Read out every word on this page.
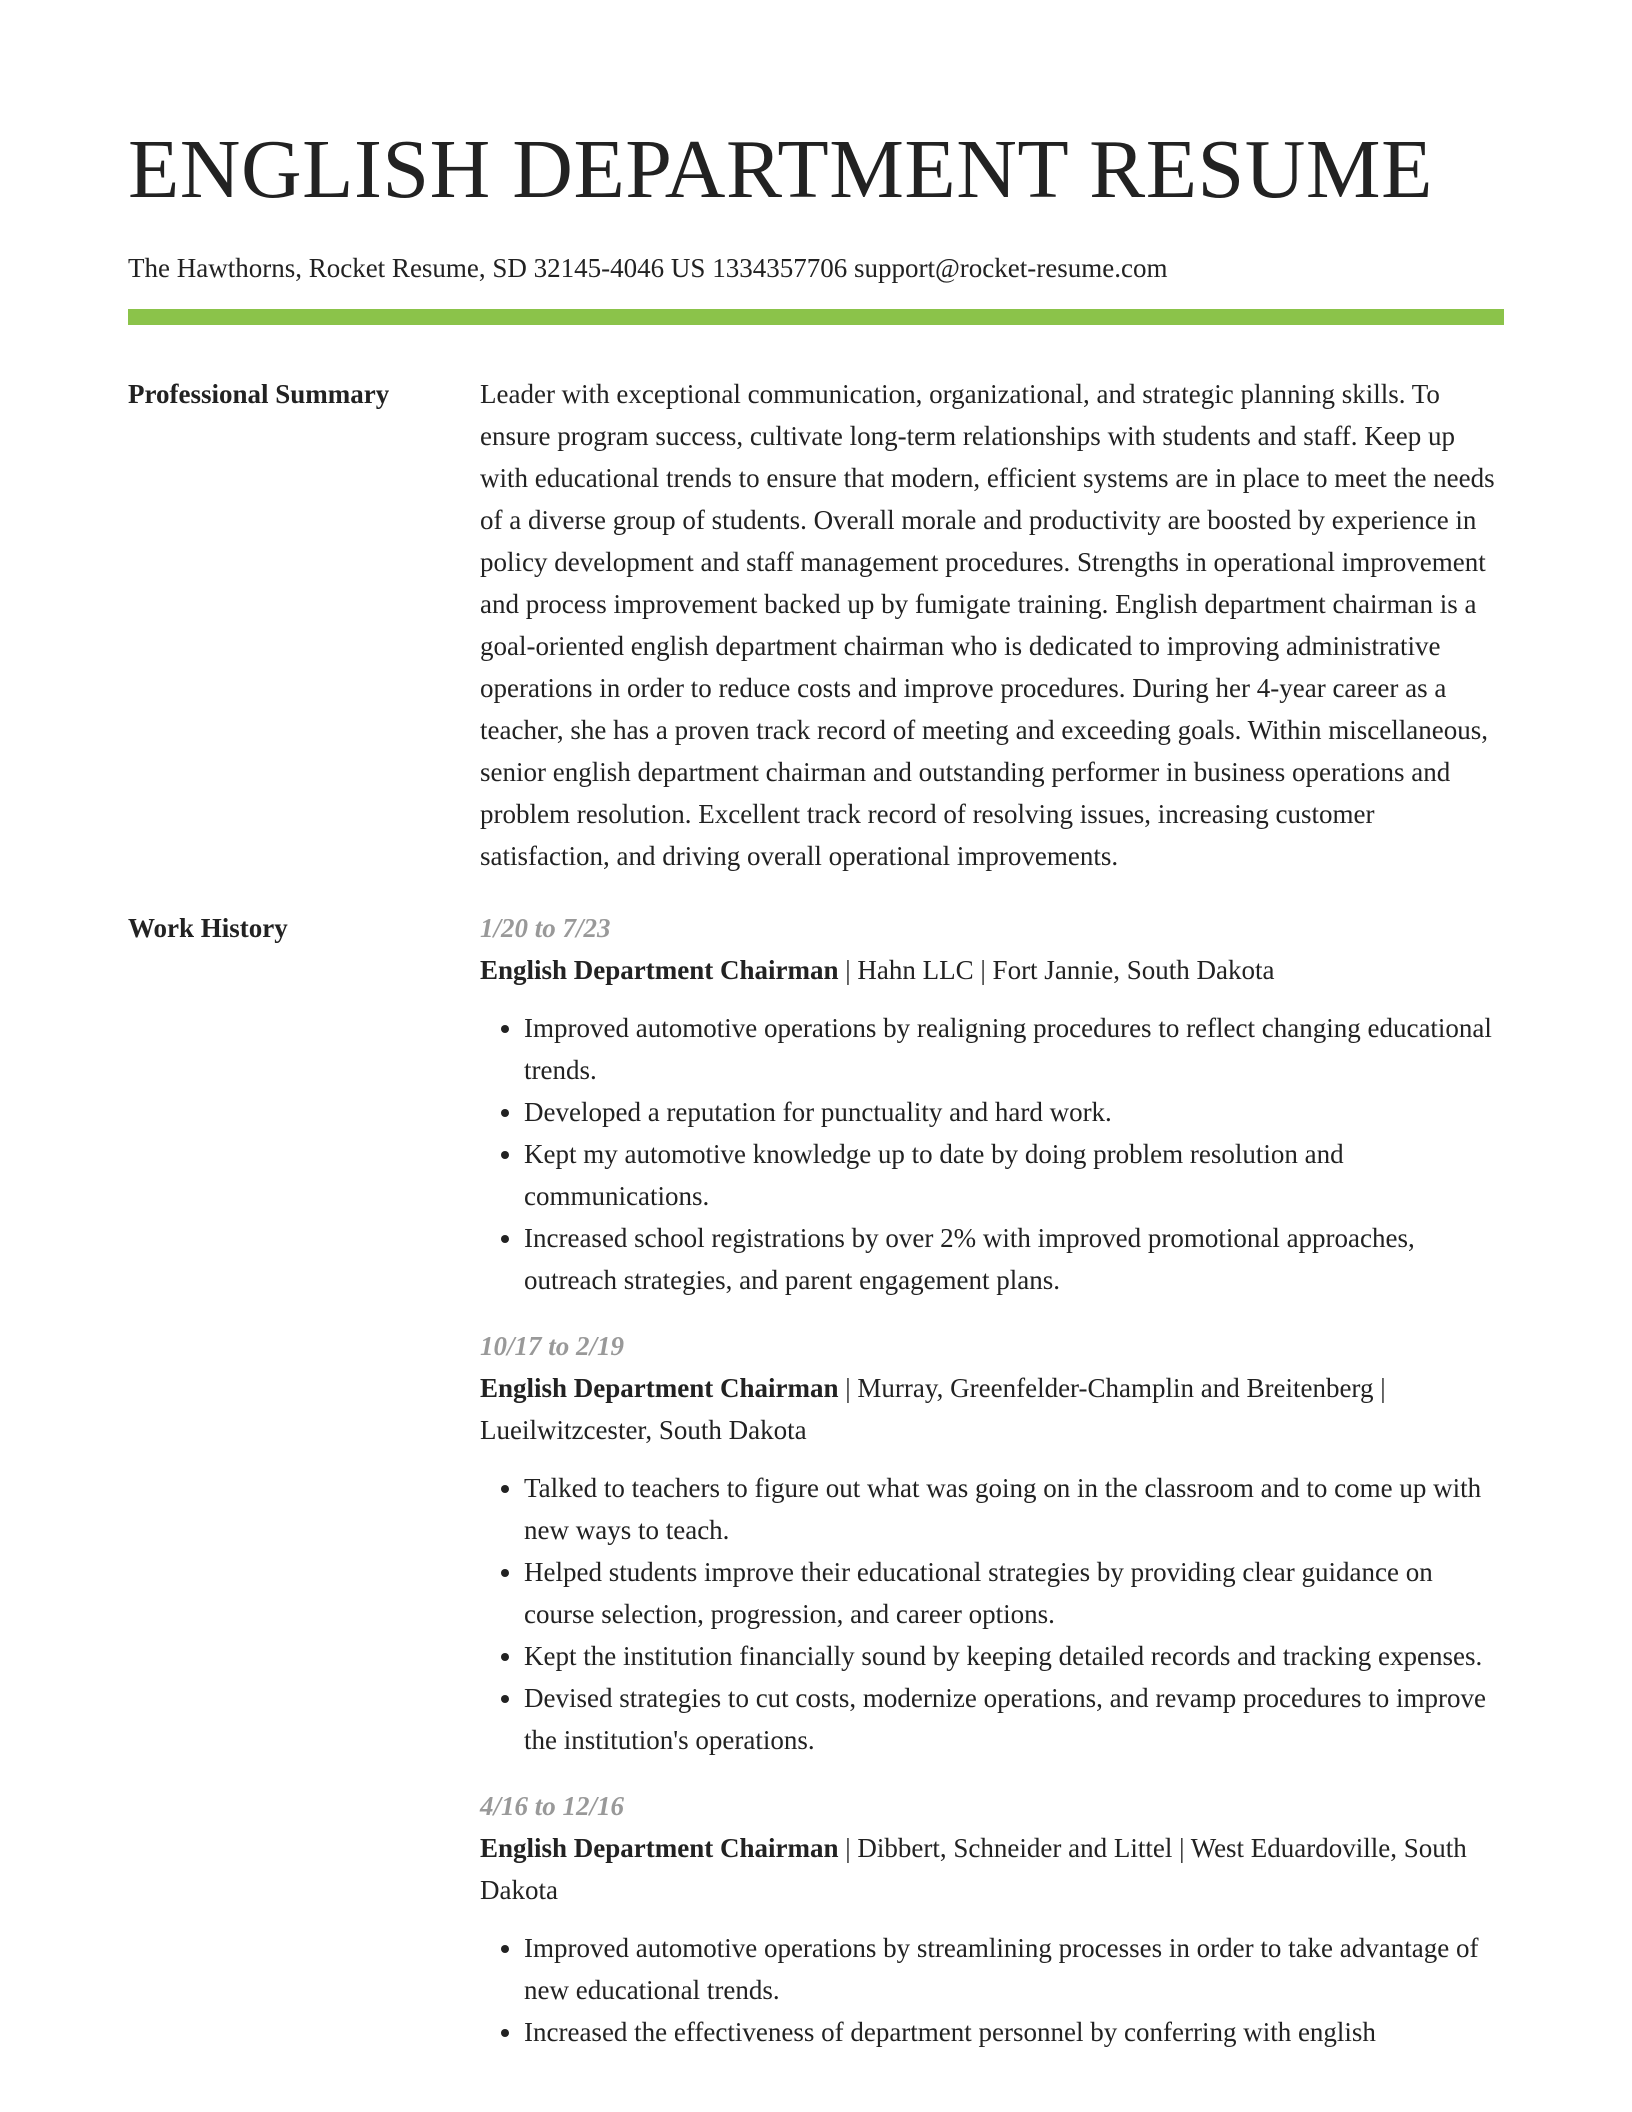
ENGLISH DEPARTMENT RESUME
The Hawthorns, Rocket Resume, SD 32145-4046 US 1334357706 support@rocket-resume.com
Professional Summary	Leader with exceptional communication, organizational, and strategic planning skills. To ensure program success, cultivate long-term relationships with students and staff. Keep up with educational trends to ensure that modern, efficient systems are in place to meet the needs of a diverse group of students. Overall morale and productivity are boosted by experience in policy development and staff management procedures. Strengths in operational improvement and process improvement backed up by fumigate training. English department chairman is a goal-oriented english department chairman who is dedicated to improving administrative operations in order to reduce costs and improve procedures. During her 4-year career as a teacher, she has a proven track record of meeting and exceeding goals. Within miscellaneous, senior english department chairman and outstanding performer in business operations and problem resolution. Excellent track record of resolving issues, increasing customer satisfaction, and driving overall operational improvements.
Work History	1/20 to 7/23
English Department Chairman | Hahn LLC | Fort Jannie, South Dakota
• Improved automotive operations by realigning procedures to reflect changing educational trends.
• Developed a reputation for punctuality and hard work.
• Kept my automotive knowledge up to date by doing problem resolution and communications.
• Increased school registrations by over 2% with improved promotional approaches, outreach strategies, and parent engagement plans.
10/17 to 2/19
English Department Chairman | Murray, Greenfelder-Champlin and Breitenberg | Lueilwitzcester, South Dakota
• Talked to teachers to figure out what was going on in the classroom and to come up with new ways to teach.
• Helped students improve their educational strategies by providing clear guidance on course selection, progression, and career options.
• Kept the institution financially sound by keeping detailed records and tracking expenses.
• Devised strategies to cut costs, modernize operations, and revamp procedures to improve the institution's operations.
4/16 to 12/16
English Department Chairman | Dibbert, Schneider and Littel | West Eduardoville, South Dakota
• Improved automotive operations by streamlining processes in order to take advantage of new educational trends.
• Increased the effectiveness of department personnel by conferring with english
